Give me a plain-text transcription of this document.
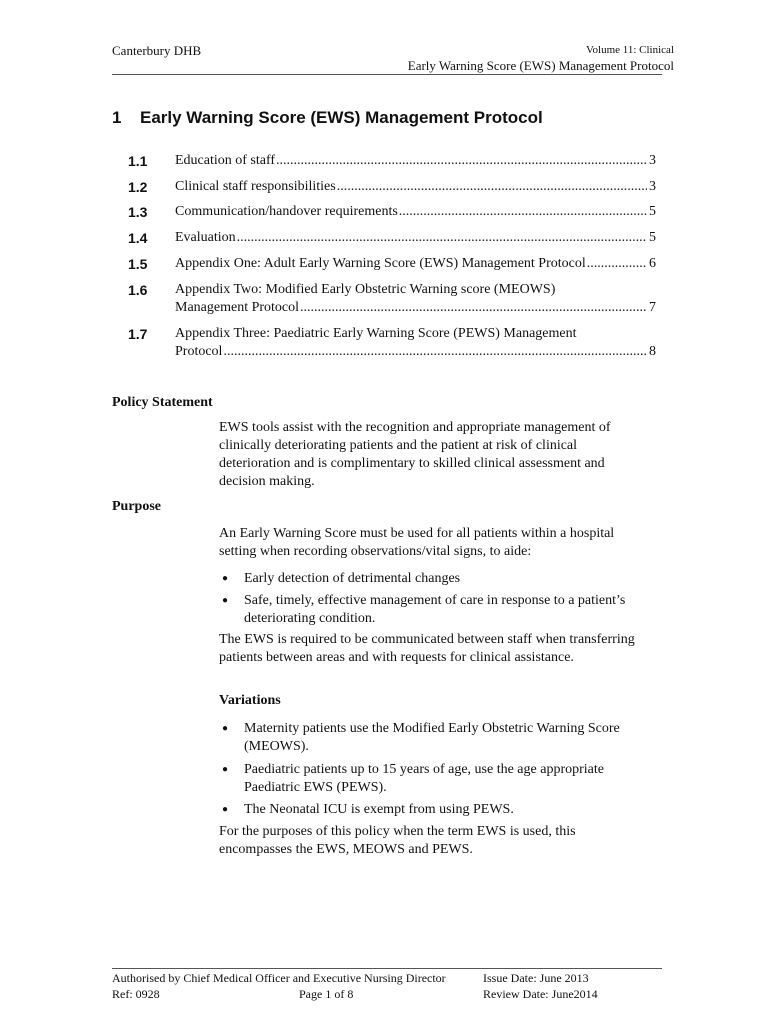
Canterbury DHB	Volume 11: Clinical
Early Warning Score (EWS) Management Protocol
1 Early Warning Score (EWS) Management Protocol
1.1 Education of staff .....	3
1.2 Clinical staff responsibilities .....	3
1.3 Communication/handover requirements .....	5
1.4 Evaluation .....	5
1.5 Appendix One: Adult Early Warning Score (EWS) Management Protocol .....	6
1.6 Appendix Two: Modified Early Obstetric Warning score (MEOWS)
Management Protocol .....	7
1.7 Appendix Three: Paediatric Early Warning Score (PEWS) Management
Protocol .....	8
Policy Statement
EWS tools assist with the recognition and appropriate management of clinically deteriorating patients and the patient at risk of clinical deterioration and is complimentary to skilled clinical assessment and decision making.
Purpose
An Early Warning Score must be used for all patients within a hospital setting when recording observations/vital signs, to aide:
● Early detection of detrimental changes
● Safe, timely, effective management of care in response to a patient’s deteriorating condition.
The EWS is required to be communicated between staff when transferring patients between areas and with requests for clinical assistance.
Variations
● Maternity patients use the Modified Early Obstetric Warning Score (MEOWS).
● Paediatric patients up to 15 years of age, use the age appropriate Paediatric EWS (PEWS).
● The Neonatal ICU is exempt from using PEWS.
For the purposes of this policy when the term EWS is used, this encompasses the EWS, MEOWS and PEWS.
Authorised by Chief Medical Officer and Executive Nursing Director
Ref: 0928	Page 1 of 8
Issue Date: June 2013
Review Date: June2014
